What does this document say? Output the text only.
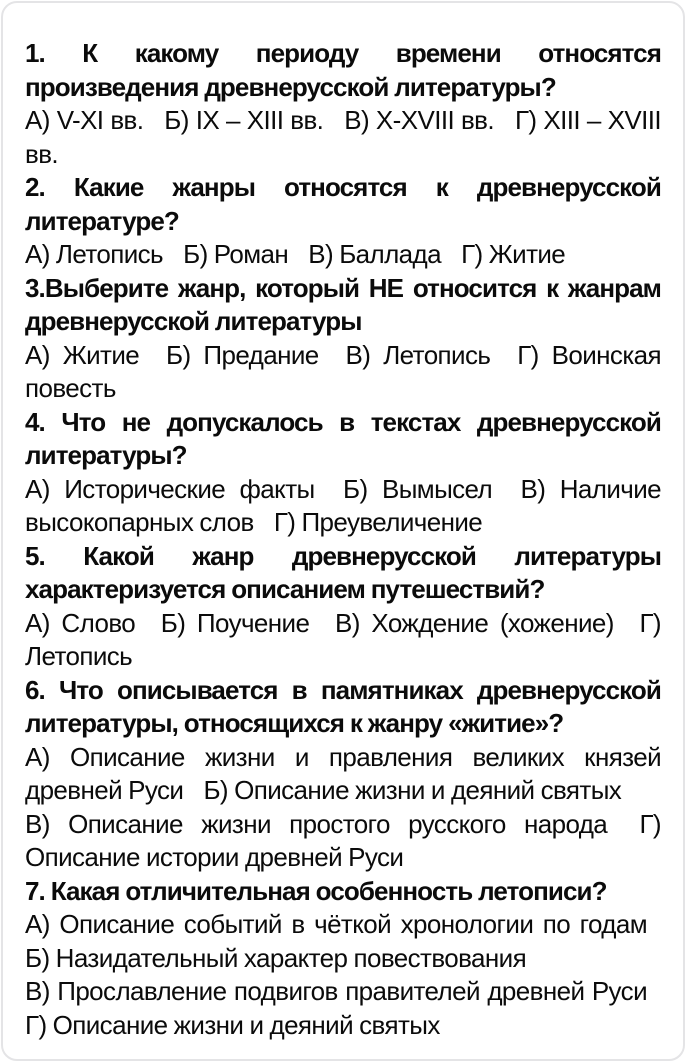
1. К какому периоду времени относятся произведения древнерусской литературы?

А) V-XI вв. Б) IX – XIII вв. В) X-XVIII вв. Г) XIII – XVIII вв.

2. Какие жанры относятся к древнерусской литературе?

А) Летопись Б) Роман В) Баллада Г) Житие

3.Выберите жанр, который НЕ относится к жанрам древнерусской литературы

А) Житие Б) Предание В) Летопись Г) Воинская повесть

4. Что не допускалось в текстах древнерусской литературы?

А) Исторические факты Б) Вымысел В) Наличие высокопарных слов Г) Преувеличение

5. Какой жанр древнерусской литературы характеризуется описанием путешествий?

А) Слово Б) Поучение В) Хождение (хожение) Г) Летопись

6. Что описывается в памятниках древнерусской литературы, относящихся к жанру «житие»?

А) Описание жизни и правления великих князей древней Руси Б) Описание жизни и деяний святых

В) Описание жизни простого русского народа Г) Описание истории древней Руси

7. Какая отличительная особенность летописи?

А) Описание событий в чёткой хронологии по годам Б) Назидательный характер повествования

В) Прославление подвигов правителей древней Руси Г) Описание жизни и деяний святых
